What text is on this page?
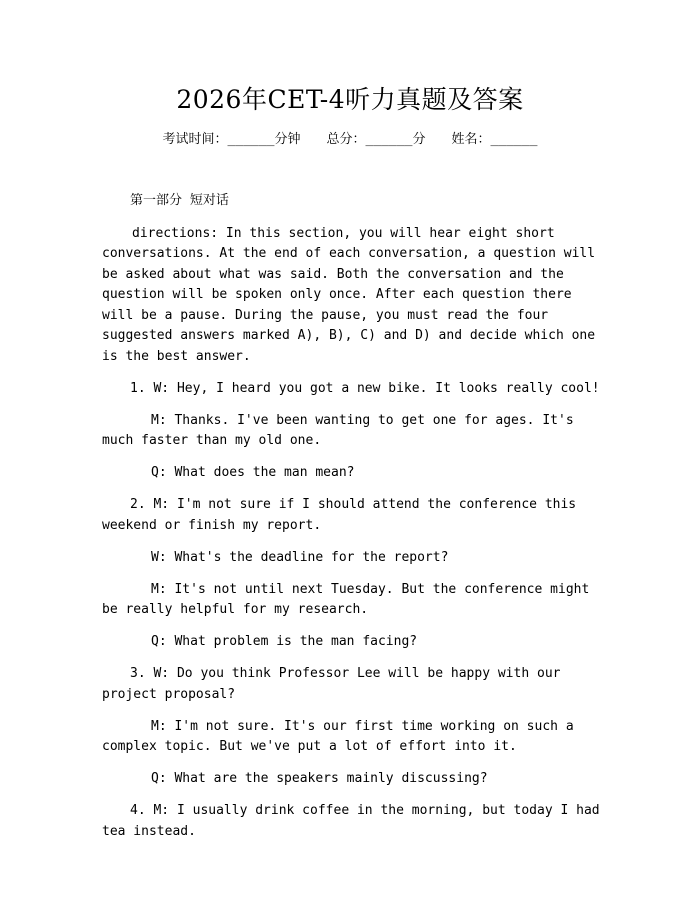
2026年CET-4听力真题及答案
考试时间：______分钟 总分：______分 姓名：______

第一部分 短对话

directions: In this section, you will hear eight short conversations. At the end of each conversation, a question will be asked about what was said. Both the conversation and the question will be spoken only once. After each question there will be a pause. During the pause, you must read the four suggested answers marked A), B), C) and D) and decide which one is the best answer.

1. W: Hey, I heard you got a new bike. It looks really cool!

M: Thanks. I've been wanting to get one for ages. It's much faster than my old one.

Q: What does the man mean?

2. M: I'm not sure if I should attend the conference this weekend or finish my report.

W: What's the deadline for the report?

M: It's not until next Tuesday. But the conference might be really helpful for my research.

Q: What problem is the man facing?

3. W: Do you think Professor Lee will be happy with our project proposal?

M: I'm not sure. It's our first time working on such a complex topic. But we've put a lot of effort into it.

Q: What are the speakers mainly discussing?

4. M: I usually drink coffee in the morning, but today I had tea instead.
